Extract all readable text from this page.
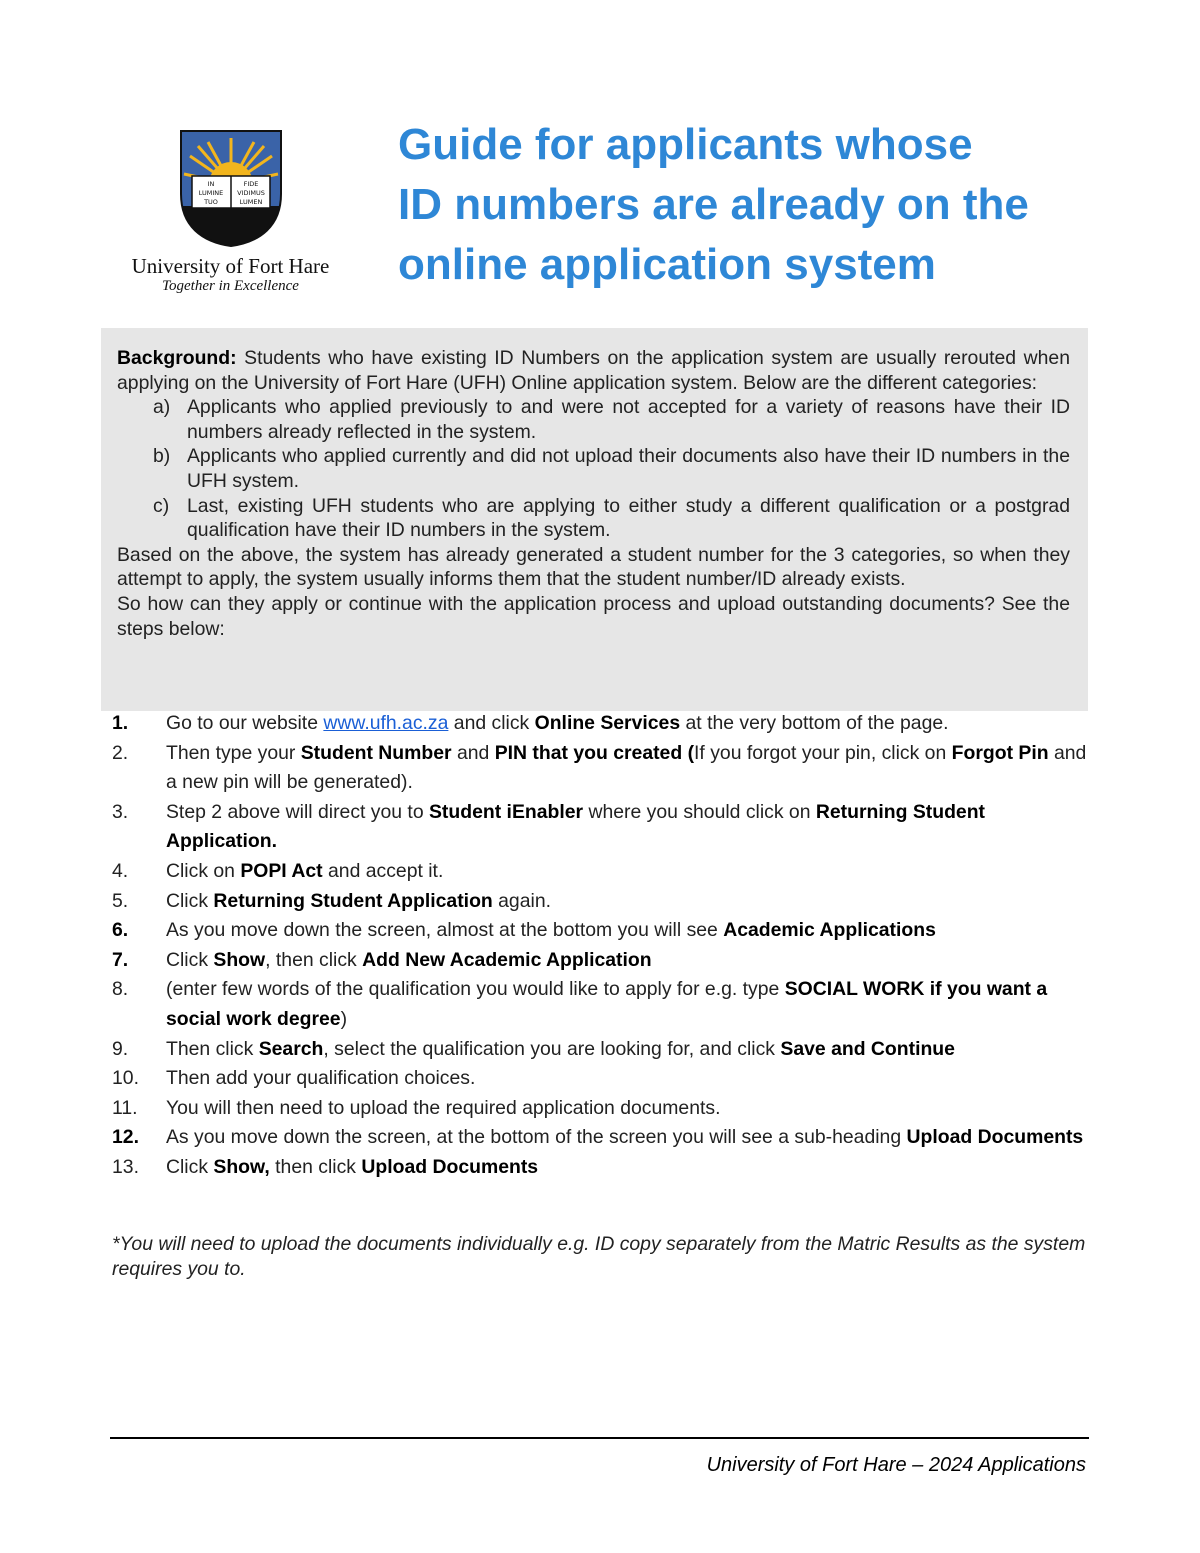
IN
LUMINE
TUO
FIDE
VIDIMUS
LUMEN
University of Fort Hare
Together in Excellence
Guide for applicants whose
ID numbers are already on the
online application system

Background: Students who have existing ID Numbers on the application system are usually rerouted when applying on the University of Fort Hare (UFH) Online application system. Below are the different categories:

a) Applicants who applied previously to and were not accepted for a variety of reasons have their ID numbers already reflected in the system.
b) Applicants who applied currently and did not upload their documents also have their ID numbers in the UFH system.
c) Last, existing UFH students who are applying to either study a different qualification or a postgrad qualification have their ID numbers in the system.

Based on the above, the system has already generated a student number for the 3 categories, so when they attempt to apply, the system usually informs them that the student number/ID already exists.

So how can they apply or continue with the application process and upload outstanding documents? See the steps below:

1. Go to our website www.ufh.ac.za and click Online Services at the very bottom of the page.
2. Then type your Student Number and PIN that you created (If you forgot your pin, click on Forgot Pin and a new pin will be generated).
3. Step 2 above will direct you to Student iEnabler where you should click on Returning Student Application.
4. Click on POPI Act and accept it.
5. Click Returning Student Application again.
6. As you move down the screen, almost at the bottom you will see Academic Applications
7. Click Show, then click Add New Academic Application
8. (enter few words of the qualification you would like to apply for e.g. type SOCIAL WORK if you want a social work degree)
9. Then click Search, select the qualification you are looking for, and click Save and Continue
10. Then add your qualification choices.
11. You will then need to upload the required application documents.
12. As you move down the screen, at the bottom of the screen you will see a sub-heading Upload Documents
13. Click Show, then click Upload Documents

*You will need to upload the documents individually e.g. ID copy separately from the Matric Results as the system requires you to.

University of Fort Hare – 2024 Applications
